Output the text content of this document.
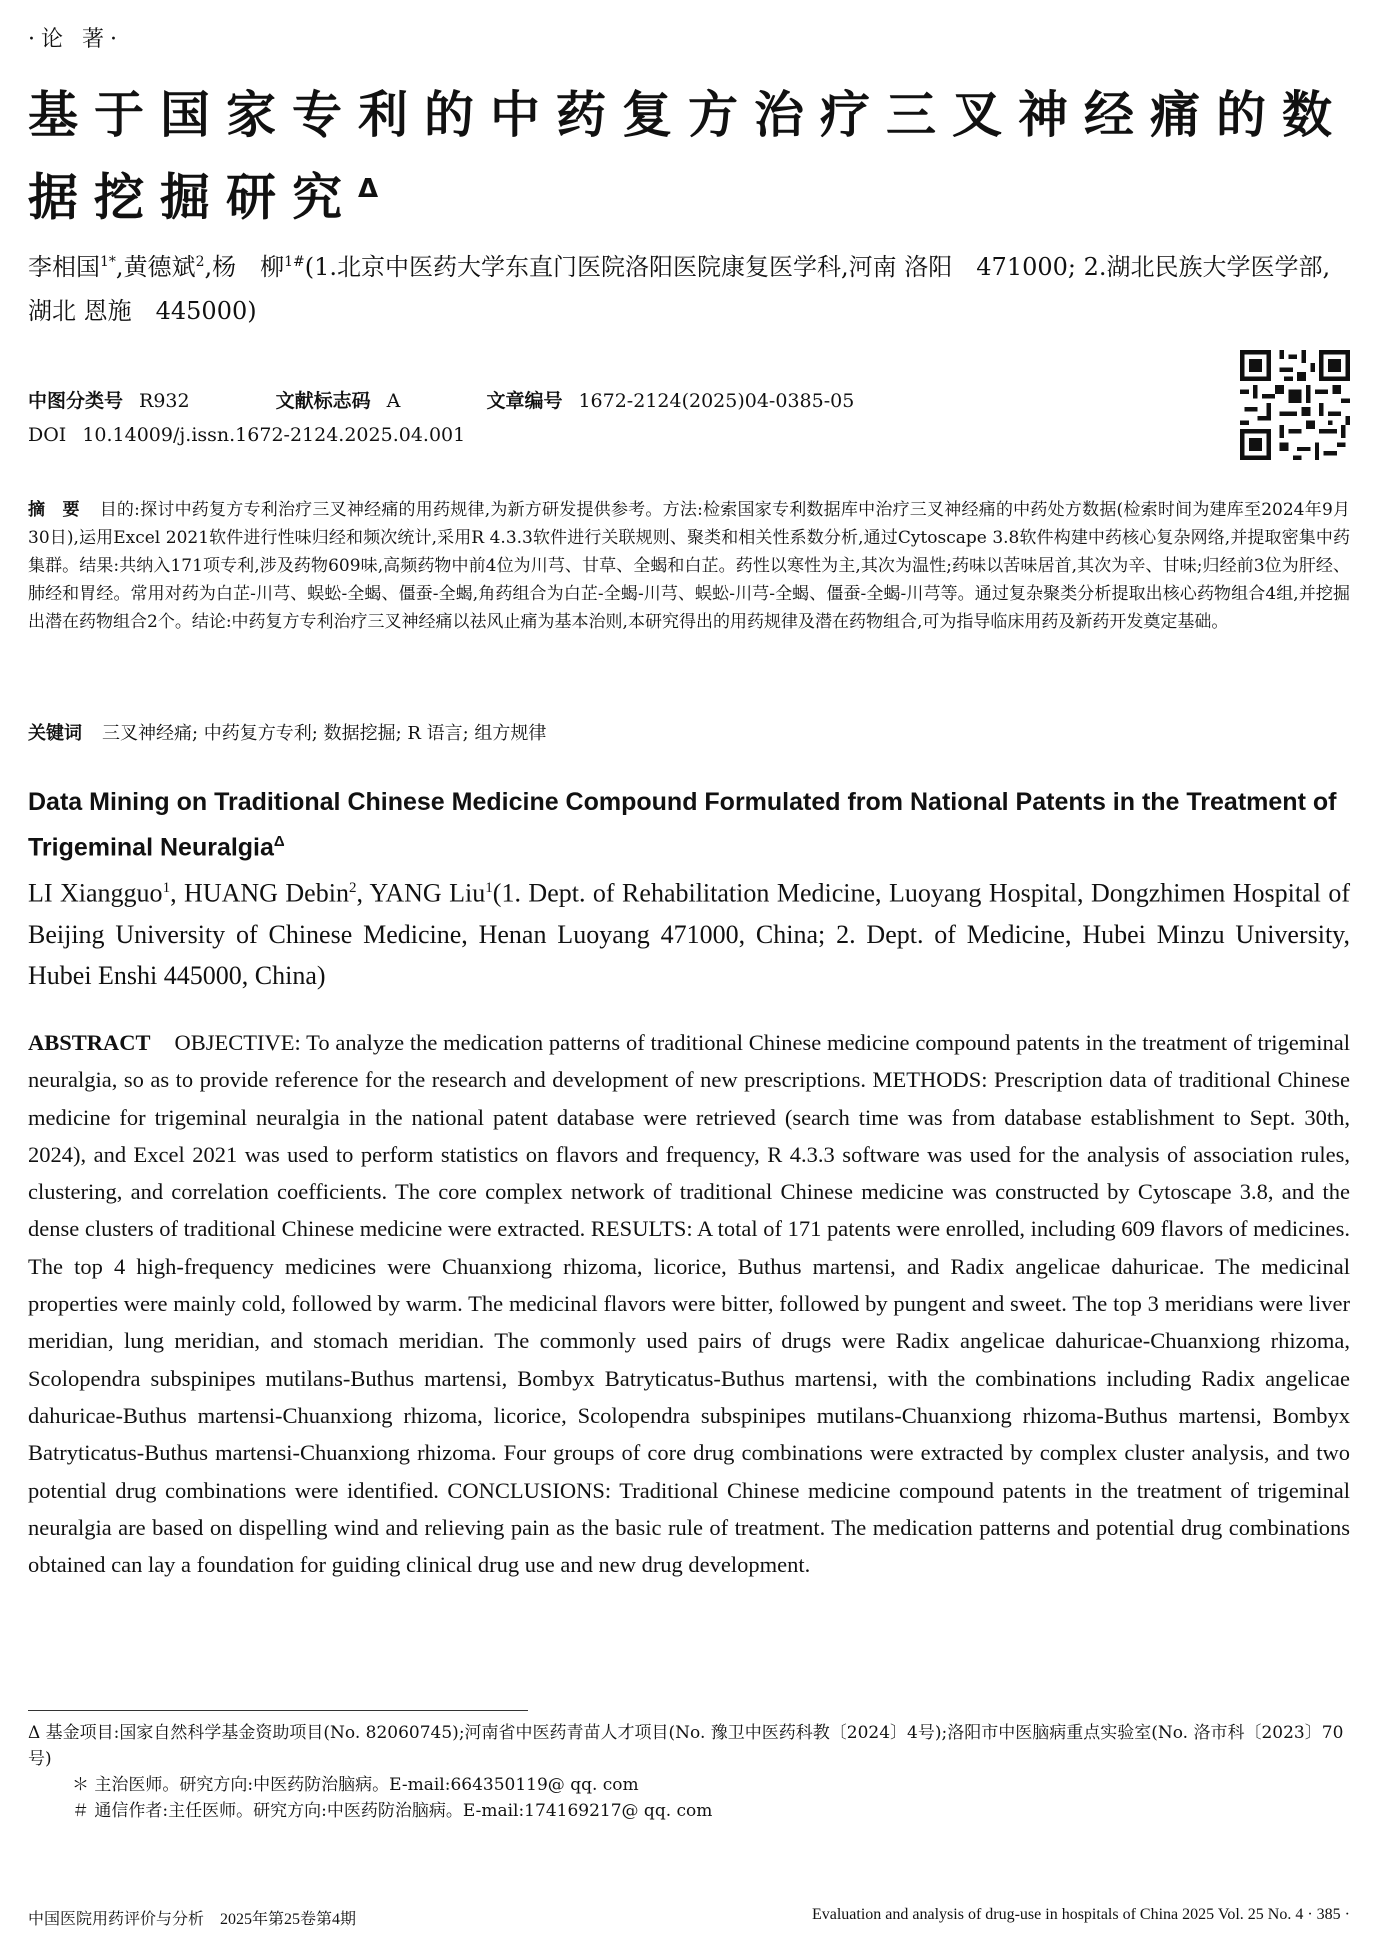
·论 著·
基于国家专利的中药复方治疗三叉神经痛的数据挖掘研究$^\Delta$
李相国$^{1*}$,黄德斌$^2$,杨　柳$^{1\#}$(1.北京中医药大学东直门医院洛阳医院康复医学科,河南 洛阳　471000; 2.湖北民族大学医学部,湖北 恩施　445000)
中图分类号 R932	文献标志码 A	文章编号 1672-2124(2025)04-0385-05
DOI 10.14009/j.issn.1672-2124.2025.04.001
摘　要 目的:探讨中药复方专利治疗三叉神经痛的用药规律,为新方研发提供参考。方法:检索国家专利数据库中治疗三叉神经痛的中药处方数据(检索时间为建库至2024年9月30日),运用Excel 2021软件进行性味归经和频次统计,采用R 4.3.3软件进行关联规则、聚类和相关性系数分析,通过Cytoscape 3.8软件构建中药核心复杂网络,并提取密集中药集群。结果:共纳入171项专利,涉及药物609味,高频药物中前4位为川芎、甘草、全蝎和白芷。药性以寒性为主,其次为温性;药味以苦味居首,其次为辛、甘味;归经前3位为肝经、肺经和胃经。常用对药为白芷-川芎、蜈蚣-全蝎、僵蚕-全蝎,角药组合为白芷-全蝎-川芎、蜈蚣-川芎-全蝎、僵蚕-全蝎-川芎等。通过复杂聚类分析提取出核心药物组合4组,并挖掘出潜在药物组合2个。结论:中药复方专利治疗三叉神经痛以祛风止痛为基本治则,本研究得出的用药规律及潜在药物组合,可为指导临床用药及新药开发奠定基础。
关键词 三叉神经痛; 中药复方专利; 数据挖掘; R 语言; 组方规律
Data Mining on Traditional Chinese Medicine Compound Formulated from National Patents in the Treatment of Trigeminal Neuralgia$^\Delta$
LI Xiangguo$^1$, HUANG Debin$^2$, YANG Liu$^1$(1. Dept. of Rehabilitation Medicine, Luoyang Hospital, Dongzhimen Hospital of Beijing University of Chinese Medicine, Henan Luoyang 471000, China; 2. Dept. of Medicine, Hubei Minzu University, Hubei Enshi 445000, China)
ABSTRACT OBJECTIVE: To analyze the medication patterns of traditional Chinese medicine compound patents in the treatment of trigeminal neuralgia, so as to provide reference for the research and development of new prescriptions. METHODS: Prescription data of traditional Chinese medicine for trigeminal neuralgia in the national patent database were retrieved (search time was from database establishment to Sept. 30th, 2024), and Excel 2021 was used to perform statistics on flavors and frequency, R 4.3.3 software was used for the analysis of association rules, clustering, and correlation coefficients. The core complex network of traditional Chinese medicine was constructed by Cytoscape 3.8, and the dense clusters of traditional Chinese medicine were extracted. RESULTS: A total of 171 patents were enrolled, including 609 flavors of medicines. The top 4 high-frequency medicines were Chuanxiong rhizoma, licorice, Buthus martensi, and Radix angelicae dahuricae. The medicinal properties were mainly cold, followed by warm. The medicinal flavors were bitter, followed by pungent and sweet. The top 3 meridians were liver meridian, lung meridian, and stomach meridian. The commonly used pairs of drugs were Radix angelicae dahuricae-Chuanxiong rhizoma, Scolopendra subspinipes mutilans-Buthus martensi, Bombyx Batryticatus-Buthus martensi, with the combinations including Radix angelicae dahuricae-Buthus martensi-Chuanxiong rhizoma, licorice, Scolopendra subspinipes mutilans-Chuanxiong rhizoma-Buthus martensi, Bombyx Batryticatus-Buthus martensi-Chuanxiong rhizoma. Four groups of core drug combinations were extracted by complex cluster analysis, and two potential drug combinations were identified. CONCLUSIONS: Traditional Chinese medicine compound patents in the treatment of trigeminal neuralgia are based on dispelling wind and relieving pain as the basic rule of treatment. The medication patterns and potential drug combinations obtained can lay a foundation for guiding clinical drug use and new drug development.
Δ 基金项目:国家自然科学基金资助项目(No. 82060745);河南省中医药青苗人才项目(No. 豫卫中医药科教〔2024〕4号);洛阳市中医脑病重点实验室(No. 洛市科〔2023〕70号)
＊ 主治医师。研究方向:中医药防治脑病。E-mail:664350119@ qq. com
＃ 通信作者:主任医师。研究方向:中医药防治脑病。E-mail:174169217@ qq. com
中国医院用药评价与分析　2025年第25卷第4期	Evaluation and analysis of drug-use in hospitals of China 2025 Vol. 25 No. 4 · 385 ·
